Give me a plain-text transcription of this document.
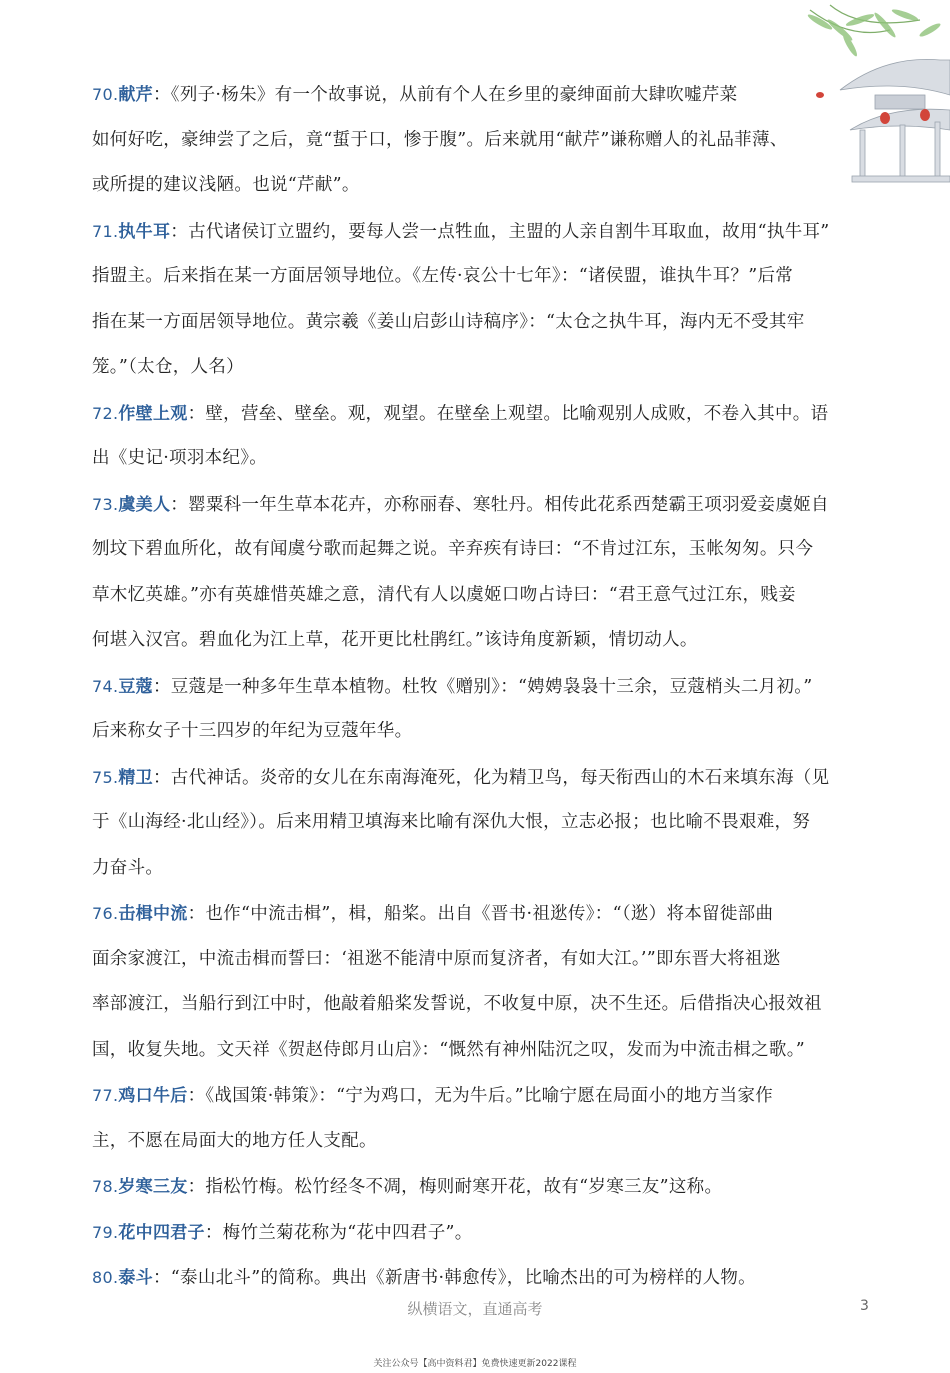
70.献芹：《列子·杨朱》有一个故事说，从前有个人在乡里的豪绅面前大肆吹嘘芹菜
如何好吃，豪绅尝了之后，竟“蜇于口，惨于腹”。后来就用“献芹”谦称赠人的礼品菲薄、
或所提的建议浅陋。也说“芹献”。
71.执牛耳：古代诸侯订立盟约，要每人尝一点牲血，主盟的人亲自割牛耳取血，故用“执牛耳”
指盟主。后来指在某一方面居领导地位。《左传·哀公十七年》：“诸侯盟，谁执牛耳？”后常
指在某一方面居领导地位。黄宗羲《姜山启彭山诗稿序》：“太仓之执牛耳，海内无不受其牢
笼。”（太仓，人名）
72.作壁上观：壁，营垒、壁垒。观，观望。在壁垒上观望。比喻观别人成败，不卷入其中。语
出《史记·项羽本纪》。
73.虞美人：罂粟科一年生草本花卉，亦称丽春、寒牡丹。相传此花系西楚霸王项羽爱妾虞姬自
刎坟下碧血所化，故有闻虞兮歌而起舞之说。辛弃疾有诗曰：“不肯过江东，玉帐匆匆。只今
草木忆英雄。”亦有英雄惜英雄之意，清代有人以虞姬口吻占诗曰：“君王意气过江东，贱妾
何堪入汉宫。碧血化为江上草，花开更比杜鹃红。”该诗角度新颖，情切动人。
74.豆蔻：豆蔻是一种多年生草本植物。杜牧《赠别》：“娉娉袅袅十三余，豆蔻梢头二月初。”
后来称女子十三四岁的年纪为豆蔻年华。
75.精卫：古代神话。炎帝的女儿在东南海淹死，化为精卫鸟，每天衔西山的木石来填东海（见
于《山海经·北山经》）。后来用精卫填海来比喻有深仇大恨，立志必报；也比喻不畏艰难，努
力奋斗。
76.击楫中流：也作“中流击楫”，楫，船桨。出自《晋书·祖逖传》：“（逖）将本留徙部曲
面余家渡江，中流击楫而誓曰：‘祖逖不能清中原而复济者，有如大江。’”即东晋大将祖逖
率部渡江，当船行到江中时，他敲着船桨发誓说，不收复中原，决不生还。后借指决心报效祖
国，收复失地。文天祥《贺赵侍郎月山启》：“慨然有神州陆沉之叹，发而为中流击楫之歌。”
77.鸡口牛后：《战国策·韩策》：“宁为鸡口，无为牛后。”比喻宁愿在局面小的地方当家作
主，不愿在局面大的地方任人支配。
78.岁寒三友：指松竹梅。松竹经冬不凋，梅则耐寒开花，故有“岁寒三友”这称。
79.花中四君子：梅竹兰菊花称为“花中四君子”。
80.泰斗：“泰山北斗”的简称。典出《新唐书·韩愈传》，比喻杰出的可为榜样的人物。
纵横语文，直通高考	3
关注公众号【高中资料君】免费快速更新2022课程
